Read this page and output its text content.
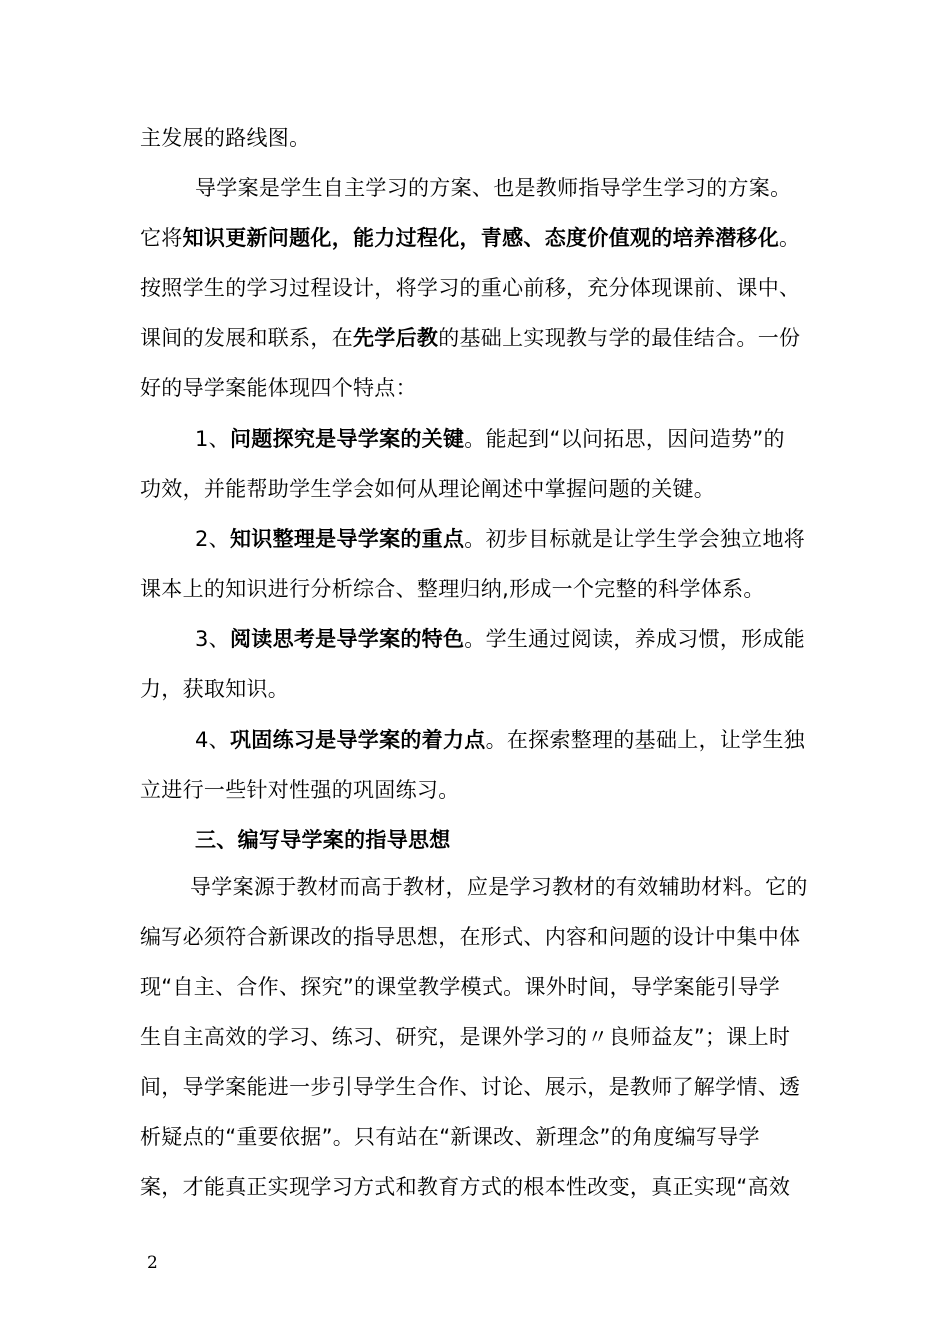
主发展的路线图。
导学案是学生自主学习的方案、也是教师指导学生学习的方案。
它将知识更新问题化，能力过程化，青感、态度价值观的培养潜移化。
按照学生的学习过程设计，将学习的重心前移，充分体现课前、课中、
课间的发展和联系，在先学后教的基础上实现教与学的最佳结合。一份
好的导学案能体现四个特点：
1、问题探究是导学案的关键。能起到“以问拓思，因问造势”的
功效，并能帮助学生学会如何从理论阐述中掌握问题的关键。
2、知识整理是导学案的重点。初步目标就是让学生学会独立地将
课本上的知识进行分析综合、整理归纳,形成一个完整的科学体系。
3、阅读思考是导学案的特色。学生通过阅读，养成习惯，形成能
力，获取知识。
4、巩固练习是导学案的着力点。在探索整理的基础上，让学生独
立进行一些针对性强的巩固练习。
三、编写导学案的指导思想
导学案源于教材而高于教材，应是学习教材的有效辅助材料。它的
编写必须符合新课改的指导思想，在形式、内容和问题的设计中集中体
现“自主、合作、探究”的课堂教学模式。课外时间，导学案能引导学
生自主高效的学习、练习、研究，是课外学习的〃良师益友”；课上时
间，导学案能进一步引导学生合作、讨论、展示，是教师了解学情、透
析疑点的“重要依据”。只有站在“新课改、新理念”的角度编写导学
案，才能真正实现学习方式和教育方式的根本性改变，真正实现“高效
2
